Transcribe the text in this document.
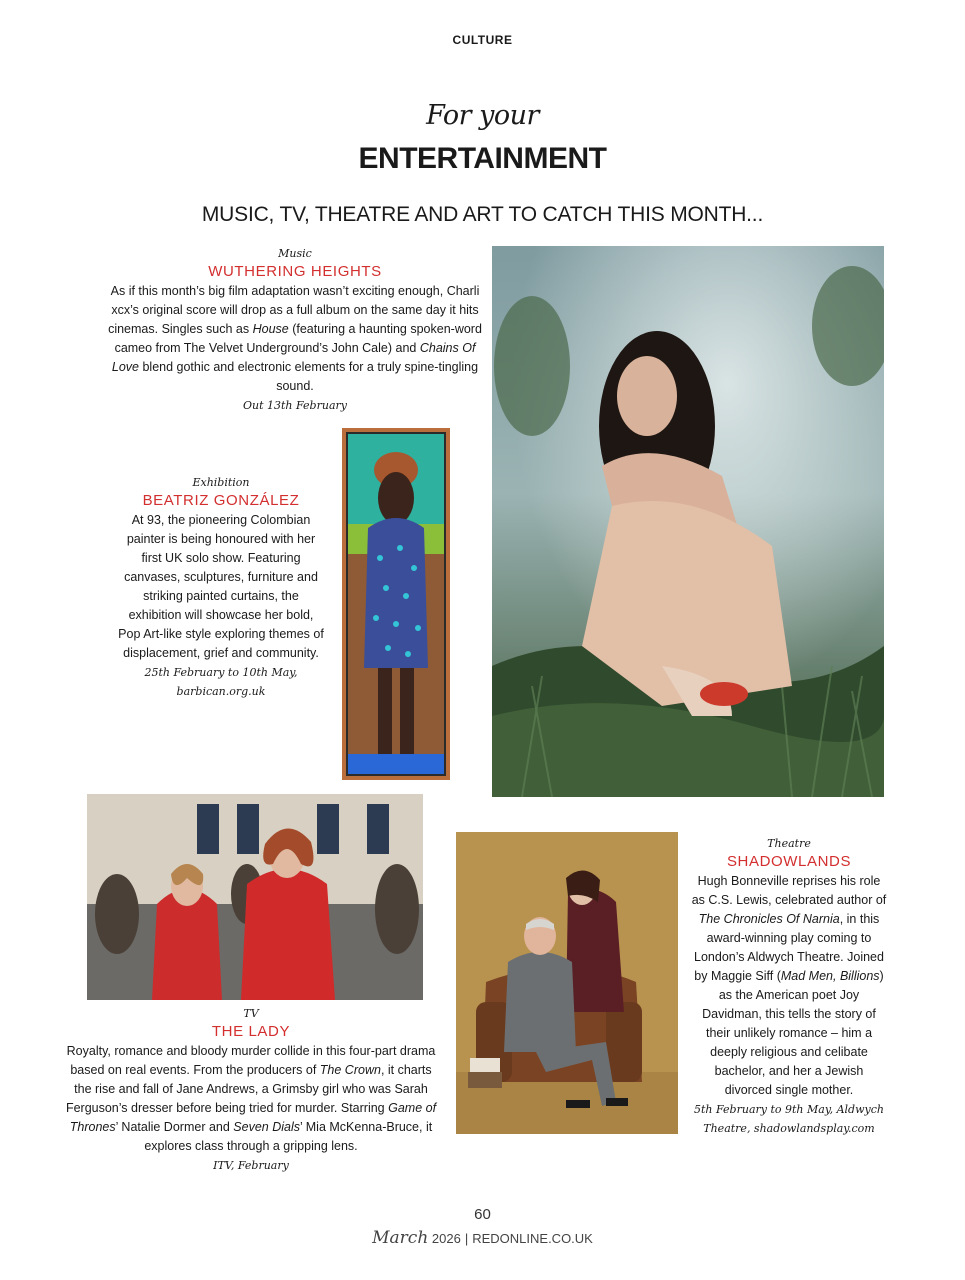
CULTURE
For your
ENTERTAINMENT
MUSIC, TV, THEATRE AND ART TO CATCH THIS MONTH...
Music
WUTHERING HEIGHTS
As if this month’s big film adaptation wasn’t exciting enough, Charli xcx’s original score will drop as a full album on the same day it hits cinemas. Singles such as House (featuring a haunting spoken-word cameo from The Velvet Underground’s John Cale) and Chains Of Love blend gothic and electronic elements for a truly spine-tingling sound.
Out 13th February
Exhibition
BEATRIZ GONZÁLEZ
At 93, the pioneering Colombian painter is being honoured with her first UK solo show. Featuring canvases, sculptures, furniture and striking painted curtains, the exhibition will showcase her bold, Pop Art-like style exploring themes of displacement, grief and community.
25th February to 10th May,
barbican.org.uk
TV
THE LADY
Royalty, romance and bloody murder collide in this four-part drama based on real events. From the producers of The Crown, it charts the rise and fall of Jane Andrews, a Grimsby girl who was Sarah Ferguson’s dresser before being tried for murder. Starring Game of Thrones’ Natalie Dormer and Seven Dials’ Mia McKenna-Bruce, it explores class through a gripping lens.
ITV, February
Theatre
SHADOWLANDS
Hugh Bonneville reprises his role as C.S. Lewis, celebrated author of The Chronicles Of Narnia, in this award-winning play coming to London’s Aldwych Theatre. Joined by Maggie Siff (Mad Men, Billions) as the American poet Joy Davidman, this tells the story of their unlikely romance – him a deeply religious and celibate bachelor, and her a Jewish divorced single mother.
5th February to 9th May, Aldwych
Theatre, shadowlandsplay.com
60
March 2026 | REDONLINE.CO.UK
